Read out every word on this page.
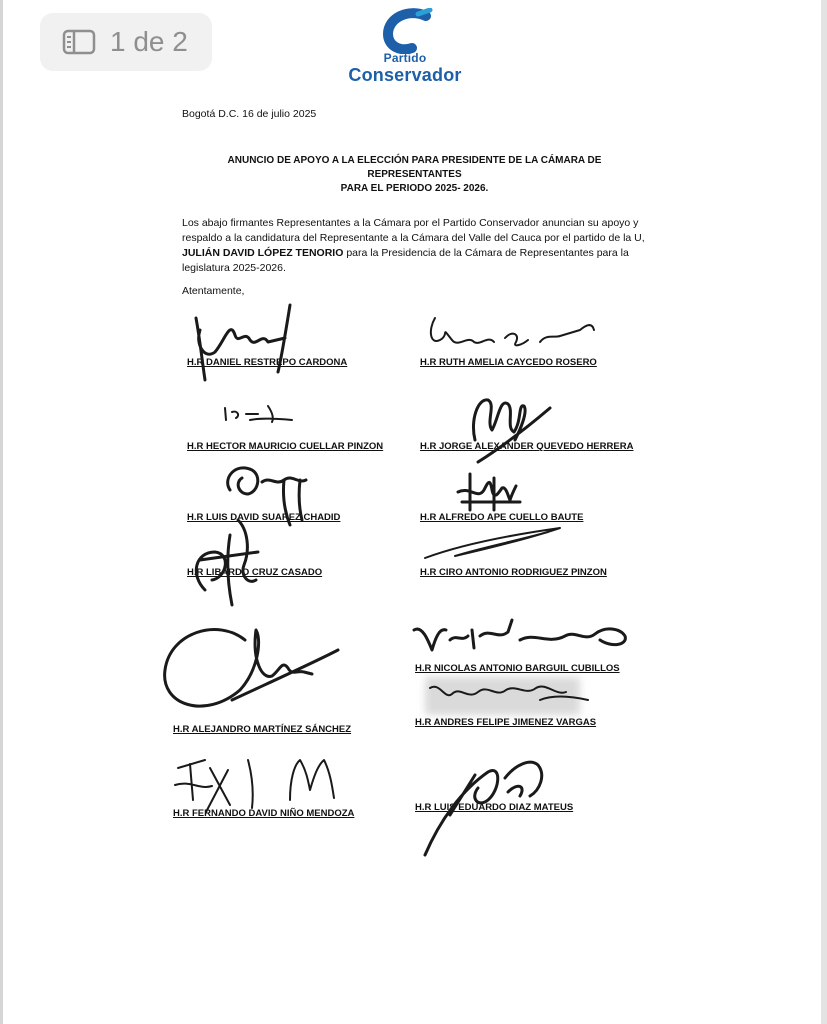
1 de 2
Partido
Conservador
Bogotá D.C. 16 de julio 2025
ANUNCIO DE APOYO A LA ELECCIÓN PARA PRESIDENTE DE LA CÁMARA DE REPRESENTANTES
PARA EL PERIODO 2025- 2026.
Los abajo firmantes Representantes a la Cámara por el Partido Conservador anuncian su apoyo y respaldo a la candidatura del Representante a la Cámara del Valle del Cauca por el partido de la U, JULIÁN DAVID LÓPEZ TENORIO para la Presidencia de la Cámara de Representantes para la legislatura 2025-2026.
Atentamente,
H.R DANIEL RESTREPO CARDONA	H.R RUTH AMELIA CAYCEDO ROSERO
H.R HECTOR MAURICIO CUELLAR PINZON	H.R JORGE ALEXANDER QUEVEDO HERRERA
H.R LUIS DAVID SUAREZ CHADID	H.R ALFREDO APE CUELLO BAUTE
H.R LIBARDO CRUZ CASADO	H.R CIRO ANTONIO RODRIGUEZ PINZON
H.R NICOLAS ANTONIO BARGUIL CUBILLOS
H.R ALEJANDRO MARTÍNEZ SÁNCHEZ
H.R ANDRES FELIPE JIMENEZ VARGAS
H.R FERNANDO DAVID NIÑO MENDOZA
H.R LUIS EDUARDO DIAZ MATEUS
